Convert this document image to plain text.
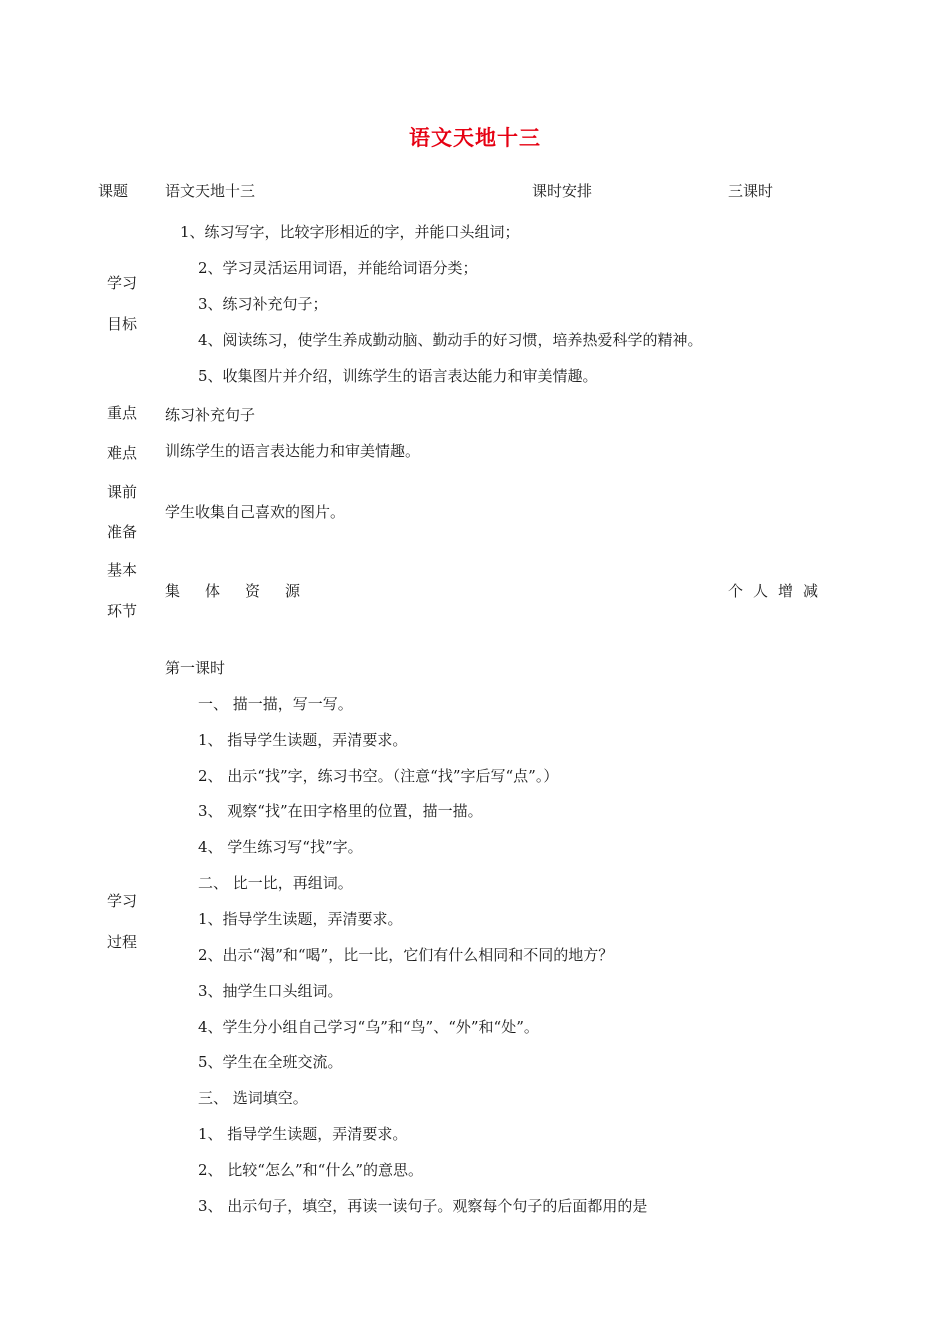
语文天地十三
课题 语文天地十三	课时安排	三课时
学习
目标
1、练习写字，比较字形相近的字，并能口头组词；
2、学习灵活运用词语，并能给词语分类；
3、练习补充句子；
4、阅读练习，使学生养成勤动脑、勤动手的好习惯，培养热爱科学的精神。
5、收集图片并介绍，训练学生的语言表达能力和审美情趣。
重点 练习补充句子
难点 训练学生的语言表达能力和审美情趣。
课前
准备
学生收集自己喜欢的图片。
基本
环节
集体资源	个人增减
学习
过程
第一课时
一、 描一描，写一写。
1、 指导学生读题，弄清要求。
2、 出示“找”字，练习书空。（注意“找”字后写“点”。）
3、 观察“找”在田字格里的位置，描一描。
4、 学生练习写“找”字。
二、 比一比，再组词。
1、指导学生读题，弄清要求。
2、出示“渴”和“喝”，比一比，它们有什么相同和不同的地方？
3、抽学生口头组词。
4、学生分小组自己学习“乌”和“鸟”、“外”和“处”。
5、学生在全班交流。
三、 选词填空。
1、 指导学生读题，弄清要求。
2、 比较“怎么”和“什么”的意思。
3、 出示句子，填空，再读一读句子。观察每个句子的后面都用的是
